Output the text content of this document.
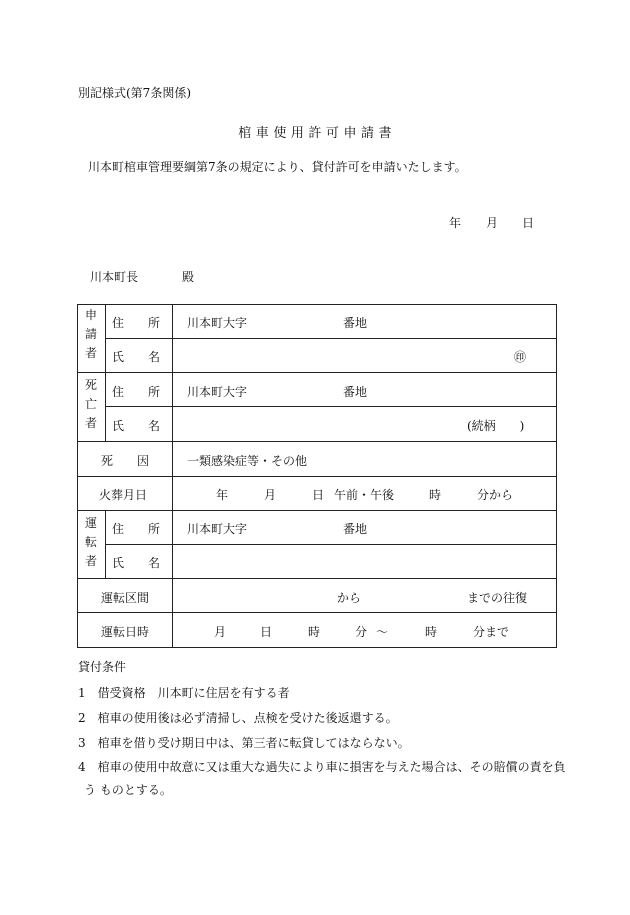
別記様式(第7条関係)
棺 車 使 用 許 可 申 請 書
川本町棺車管理要綱第7条の規定により、貸付許可を申請いたします。
年 月 日
川本町長	殿
申
請
者
住　　所 川本町大字	番地
氏　　名	㊞
死
亡
者
住　　所 川本町大字	番地
氏　　名	(続柄　　)
死　　因	一類感染症等・その他
火葬月日	年	月	日 午前・午後	時	分から
運
転
者
住　　所 川本町大字	番地
氏　　名
運転区間	から	までの往復
運転日時	月	日	時	分 ～	時	分まで
貸付条件
1　借受資格　川本町に住居を有する者
2　棺車の使用後は必ず清掃し、点検を受けた後返還する。
3　棺車を借り受け期日中は、第三者に転貸してはならない。
4　棺車の使用中故意に又は重大な過失により車に損害を与えた場合は、その賠償の責を負
う ものとする。
